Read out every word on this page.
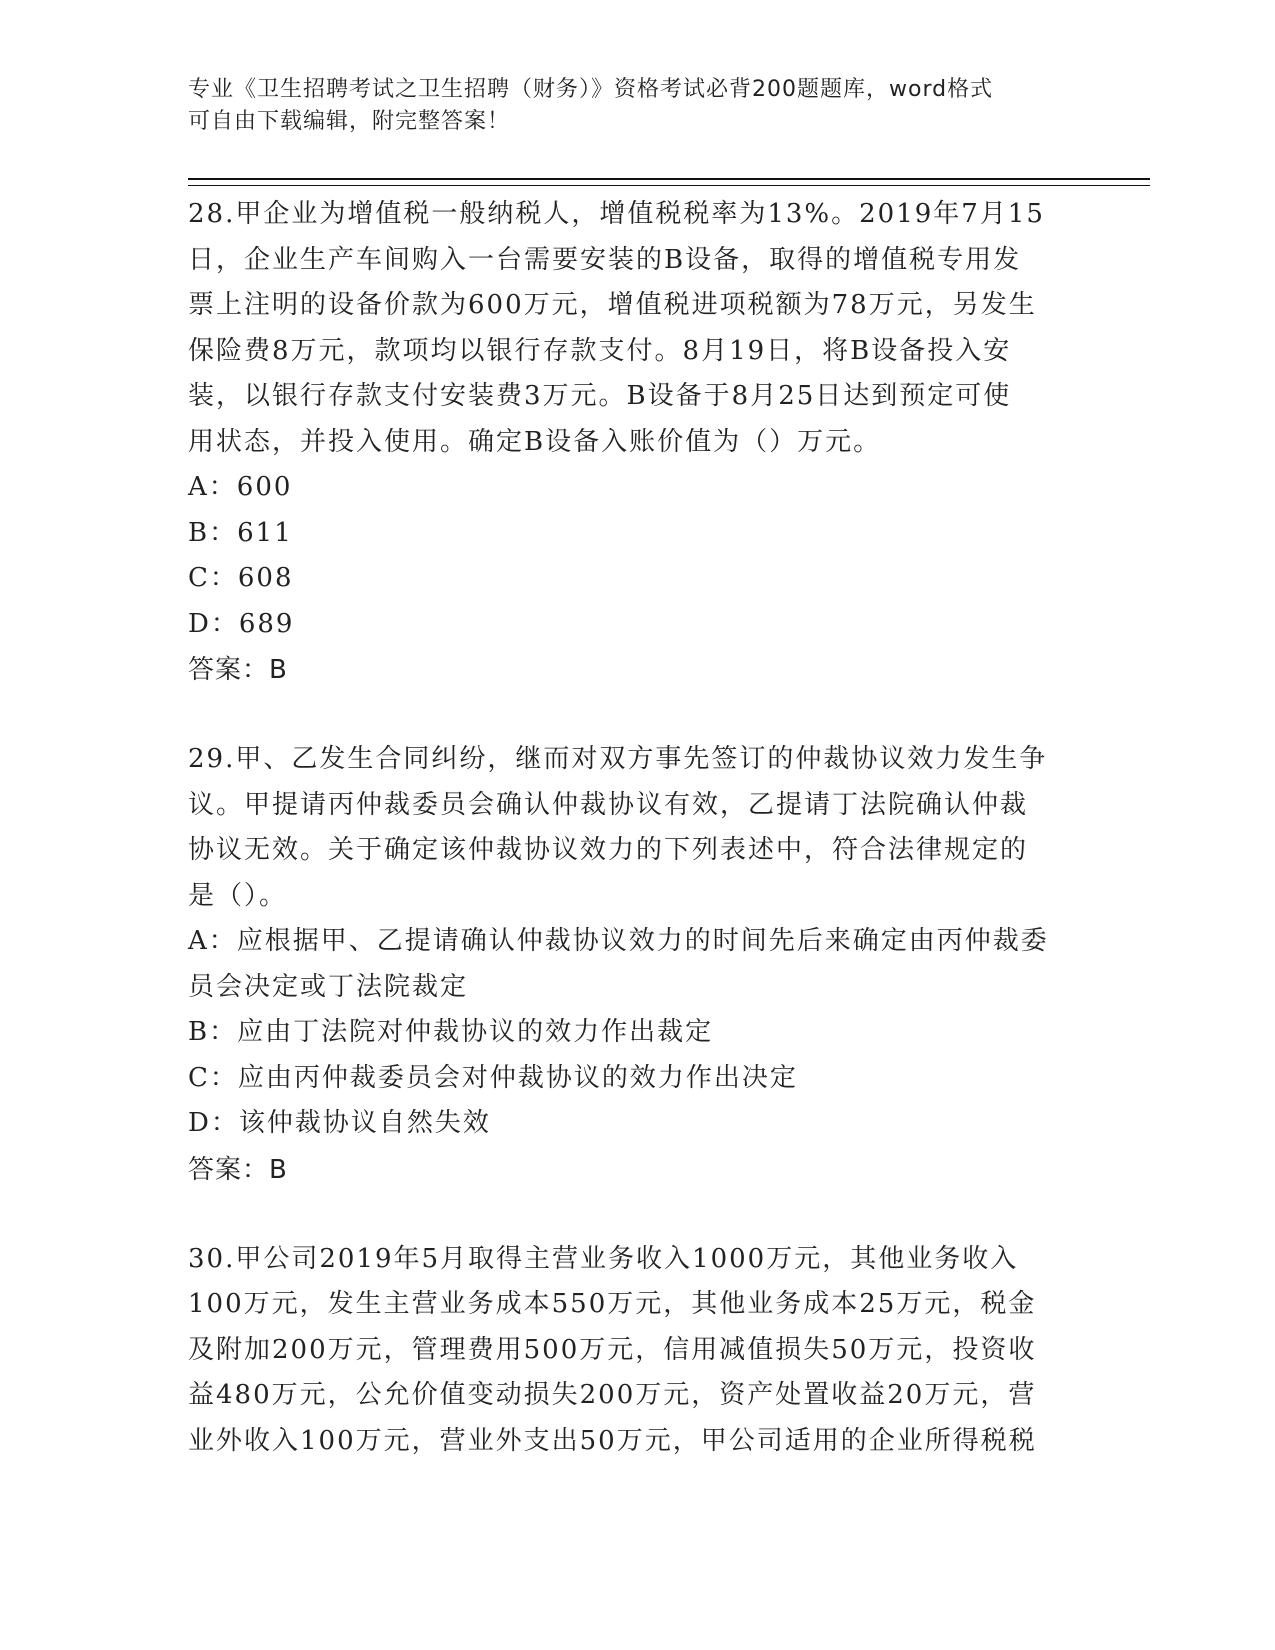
专业《卫生招聘考试之卫生招聘（财务）》资格考试必背200题题库，word格式
可自由下载编辑，附完整答案！
28.甲企业为增值税一般纳税人，增值税税率为13%。2019年7月15
日，企业生产车间购入一台需要安装的B设备，取得的增值税专用发
票上注明的设备价款为600万元，增值税进项税额为78万元，另发生
保险费8万元，款项均以银行存款支付。8月19日，将B设备投入安
装，以银行存款支付安装费3万元。B设备于8月25日达到预定可使
用状态，并投入使用。确定B设备入账价值为（）万元。
A：600
B：611
C：608
D：689
答案：B
29.甲、乙发生合同纠纷，继而对双方事先签订的仲裁协议效力发生争
议。甲提请丙仲裁委员会确认仲裁协议有效，乙提请丁法院确认仲裁
协议无效。关于确定该仲裁协议效力的下列表述中，符合法律规定的
是（）。
A：应根据甲、乙提请确认仲裁协议效力的时间先后来确定由丙仲裁委
员会决定或丁法院裁定
B：应由丁法院对仲裁协议的效力作出裁定
C：应由丙仲裁委员会对仲裁协议的效力作出决定
D：该仲裁协议自然失效
答案：B
30.甲公司2019年5月取得主营业务收入1000万元，其他业务收入
100万元，发生主营业务成本550万元，其他业务成本25万元，税金
及附加200万元，管理费用500万元，信用减值损失50万元，投资收
益480万元，公允价值变动损失200万元，资产处置收益20万元，营
业外收入100万元，营业外支出50万元，甲公司适用的企业所得税税
